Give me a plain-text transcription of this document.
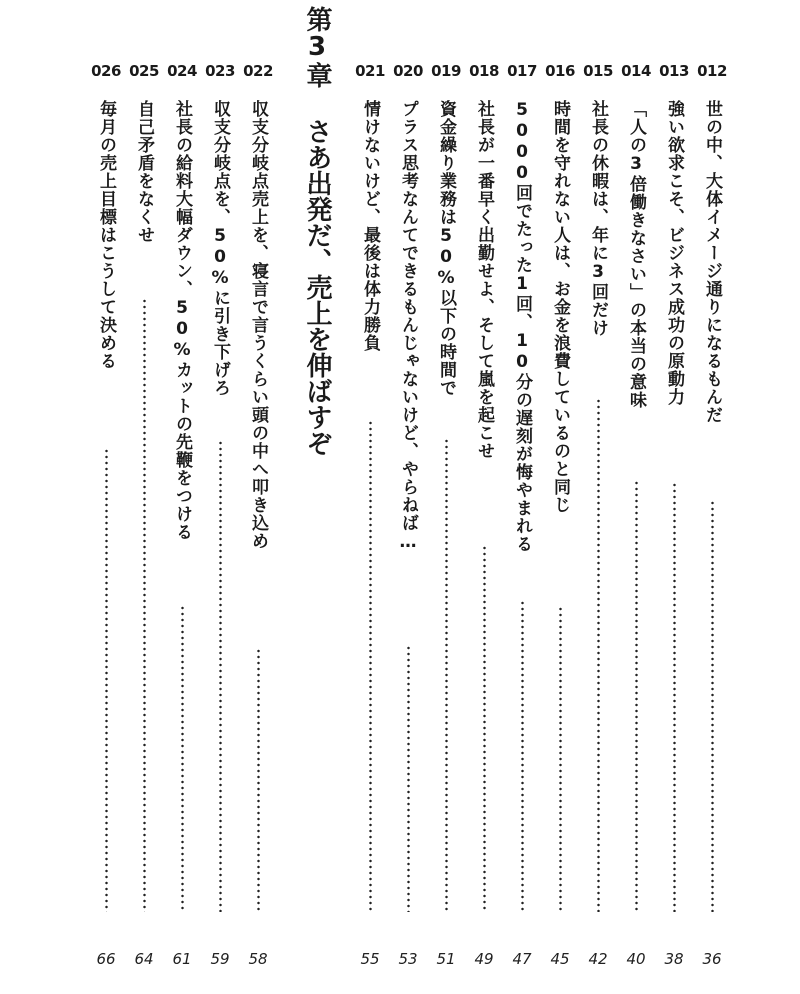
第3章さあ出発だ、売上を伸ばすぞ
012
世の中、大体イメージ通りになるもんだ
36
013
強い欲求こそ、ビジネス成功の原動力
38
014
「人の3倍働きなさい」の本当の意味
40
015
社長の休暇は、年に3回だけ
42
016
時間を守れない人は、お金を浪費しているのと同じ
45
017
5000回でたった1回、10分の遅刻が悔やまれる
47
018
社長が一番早く出勤せよ、そして嵐を起こせ
49
019
資金繰り業務は50%以下の時間で
51
020
プラス思考なんてできるもんじゃないけど、やらねば…
53
021
情けないけど、最後は体力勝負
55
022
収支分岐点売上を、寝言で言うくらい頭の中へ叩き込め
58
023
収支分岐点を、50%に引き下げろ
59
024
社長の給料大幅ダウン、50%カットの先鞭をつける
61
025
自己矛盾をなくせ
64
026
毎月の売上目標はこうして決める
66
